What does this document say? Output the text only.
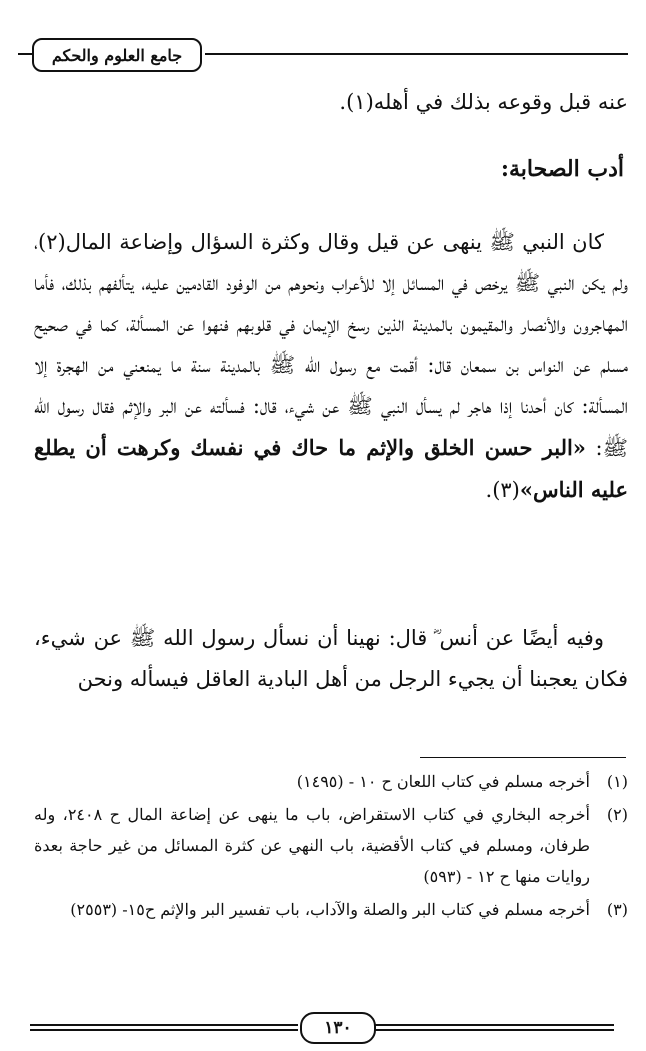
جامع العلوم والحكم
عنه قبل وقوعه بذلك في أهله(١).
أدب الصحابة:
كان النبي ﷺ ينهى عن قيل وقال وكثرة السؤال وإضاعة المال(٢)، ولم يكن النبي ﷺ يرخص في المسائل إلا للأعراب ونحوهم من الوفود القادمين عليه، يتألفهم بذلك، فأما المهاجرون والأنصار والمقيمون بالمدينة الذين رسخ الإيمان في قلوبهم فنهوا عن المسألة، كما في صحيح مسلم عن النواس بن سمعان قال: أقمت مع رسول الله ﷺ بالمدينة سنة ما يمنعني من الهجرة إلا المسألة: كان أحدنا إذا هاجر لم يسأل النبي ﷺ عن شيء، قال: فسألته عن البر والإثم فقال رسول الله ﷺ: «البر حسن الخلق والإثم ما حاك في نفسك وكرهت أن يطلع عليه الناس»(٣).
وفيه أيضًا عن أنس ؓ قال: نهينا أن نسأل رسول الله ﷺ عن شيء، فكان يعجبنا أن يجيء الرجل من أهل البادية العاقل فيسأله ونحن
(١)
أخرجه مسلم في كتاب اللعان ح ١٠ - (١٤٩٥)
(٢)
أخرجه البخاري في كتاب الاستقراض، باب ما ينهى عن إضاعة المال ح ٢٤٠٨، وله طرفان، ومسلم في كتاب الأقضية، باب النهي عن كثرة المسائل من غير حاجة بعدة روايات منها ح ١٢ - (٥٩٣)
(٣)
أخرجه مسلم في كتاب البر والصلة والآداب، باب تفسير البر والإثم ح١٥- (٢٥٥٣)
١٣٠
